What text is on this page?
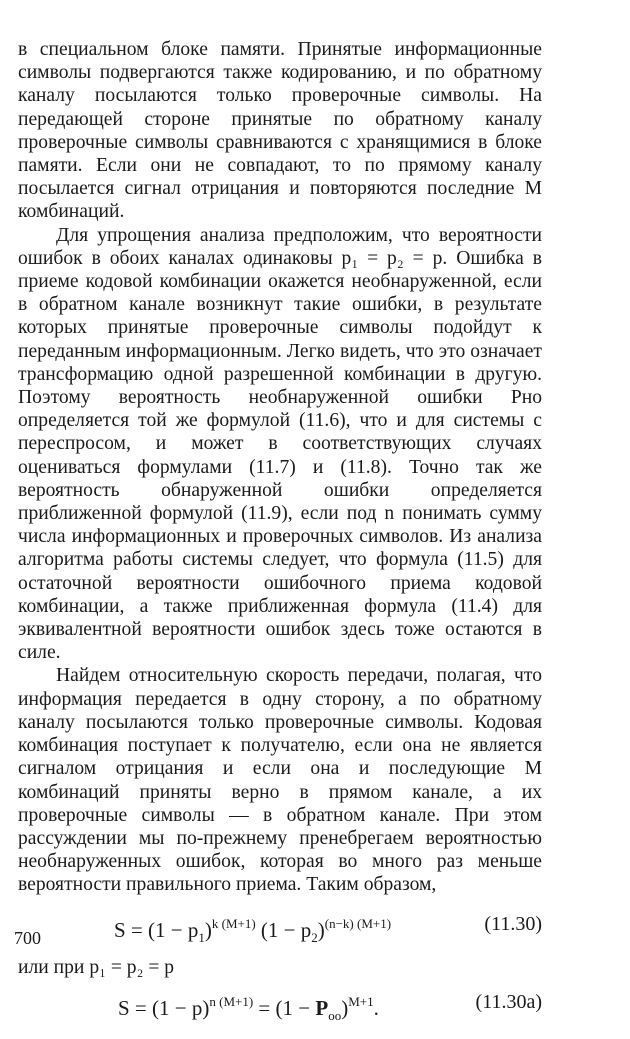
в специальном блоке памяти. Принятые информационные символы подвергаются также кодированию, и по обратному каналу посылаются только проверочные символы. На передающей стороне принятые по обратному каналу проверочные символы сравниваются с хранящимися в блоке памяти. Если они не совпадают, то по прямому каналу посылается сигнал отрицания и повторяются последние M комбинаций.

Для упрощения анализа предположим, что вероятности ошибок в обоих каналах одинаковы p₁ = p₂ = p. Ошибка в приеме кодовой комбинации окажется необнаруженной, если в обратном канале возникнут такие ошибки, в результате которых принятые проверочные символы подойдут к переданным информационным. Легко видеть, что это означает трансформацию одной разрешенной комбинации в другую. Поэтому вероятность необнаруженной ошибки Pно определяется той же формулой (11.6), что и для системы с переспросом, и может в соответствующих случаях оцениваться формулами (11.7) и (11.8). Точно так же вероятность обнаруженной ошибки определяется приближенной формулой (11.9), если под n понимать сумму числа информационных и проверочных символов. Из анализа алгоритма работы системы следует, что формула (11.5) для остаточной вероятности ошибочного приема кодовой комбинации, а также приближенная формула (11.4) для эквивалентной вероятности ошибок здесь тоже остаются в силе.

Найдем относительную скорость передачи, полагая, что информация передается в одну сторону, а по обратному каналу посылаются только проверочные символы. Кодовая комбинация поступает к получателю, если она не является сигналом отрицания и если она и последующие M комбинаций приняты верно в прямом канале, а их проверочные символы — в обратном канале. При этом рассуждении мы по-прежнему пренебрегаем вероятностью необнаруженных ошибок, которая во много раз меньше вероятности правильного приема. Таким образом,

$S = (1 - p_1)^{k (M+1)}$ $(1 - p_2)^{(n-k) (M+1)}$	(11.30)

или при p₁ = p₂ = p

$S = (1 - p)^{n (M+1)} = (1 - P_{оо})^{M+1}$.	(11.30a)
700
